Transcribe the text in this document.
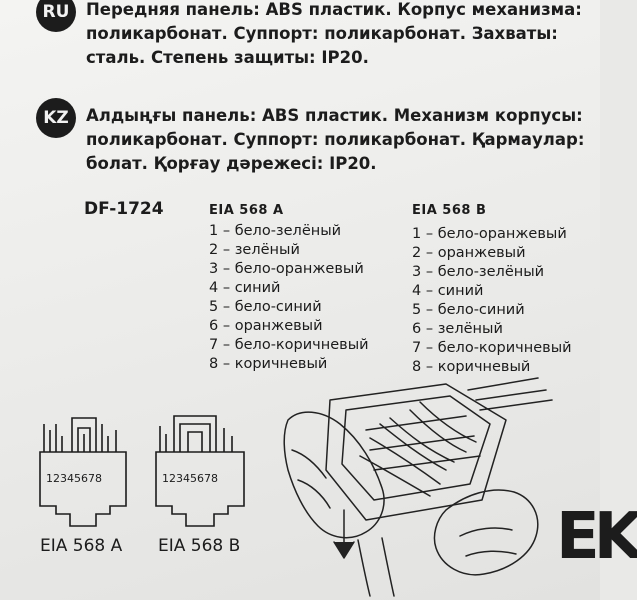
RU	Передняя панель: ABS пластик. Корпус механизма:
поликарбонат. Суппорт: поликарбонат. Захваты:
сталь. Степень защиты: IP20.
KZ	Алдыңғы панель: ABS пластик. Механизм корпусы:
поликарбонат. Суппорт: поликарбонат. Қармаулар:
болат. Қорғау дәрежесі: IP20.
DF-1724	EIA 568 A
1 – бело-зелёный
2 – зелёный
3 – бело-оранжевый
4 – синий
5 – бело-синий
6 – оранжевый
7 – бело-коричневый
8 – коричневый
EIA 568 B
1 – бело-оранжевый
2 – оранжевый
3 – бело-зелёный
4 – синий
5 – бело-синий
6 – зелёный
7 – бело-коричневый
8 – коричневый
12345678
EIA 568 A
12345678
EIA 568 B	EK
